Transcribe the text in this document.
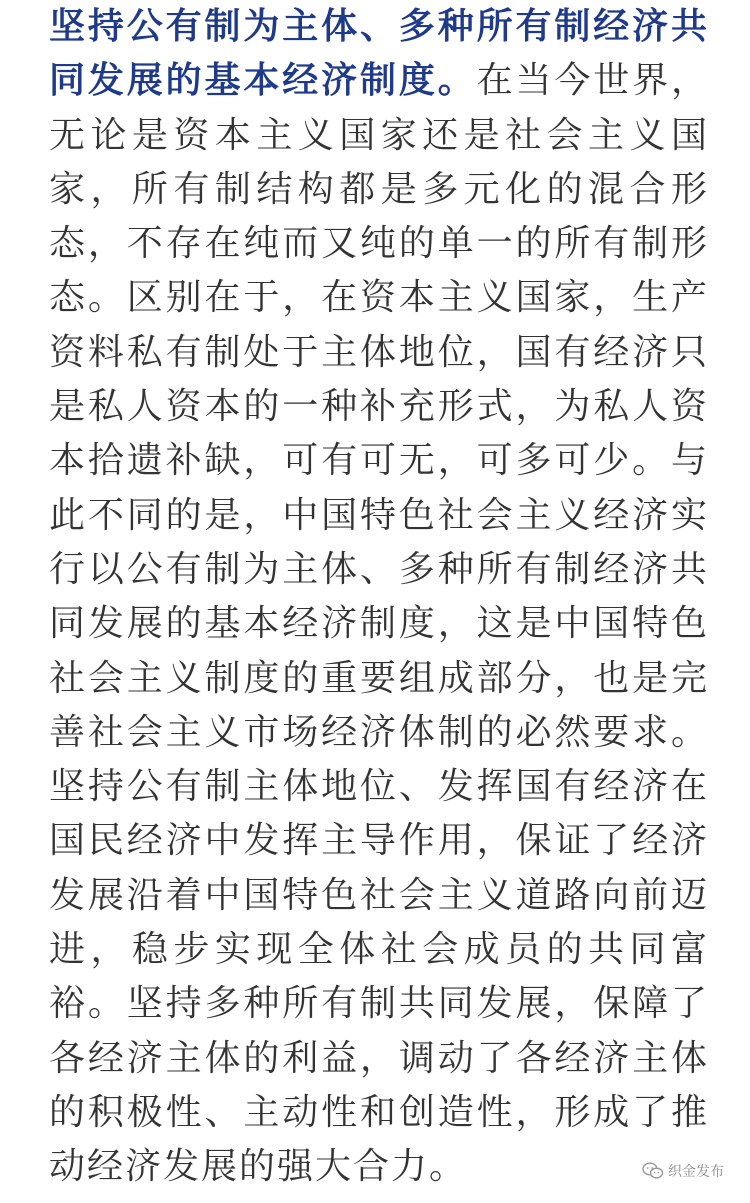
坚持公有制为主体、多种所有制经济共同发展的基本经济制度。在当今世界，无论是资本主义国家还是社会主义国家，所有制结构都是多元化的混合形态，不存在纯而又纯的单一的所有制形态。区别在于，在资本主义国家，生产资料私有制处于主体地位，国有经济只是私人资本的一种补充形式，为私人资本拾遗补缺，可有可无，可多可少。与此不同的是，中国特色社会主义经济实行以公有制为主体、多种所有制经济共同发展的基本经济制度，这是中国特色社会主义制度的重要组成部分，也是完善社会主义市场经济体制的必然要求。坚持公有制主体地位、发挥国有经济在国民经济中发挥主导作用，保证了经济发展沿着中国特色社会主义道路向前迈进，稳步实现全体社会成员的共同富裕。坚持多种所有制共同发展，保障了各经济主体的利益，调动了各经济主体的积极性、主动性和创造性，形成了推动经济发展的强大合力。	织金发布
